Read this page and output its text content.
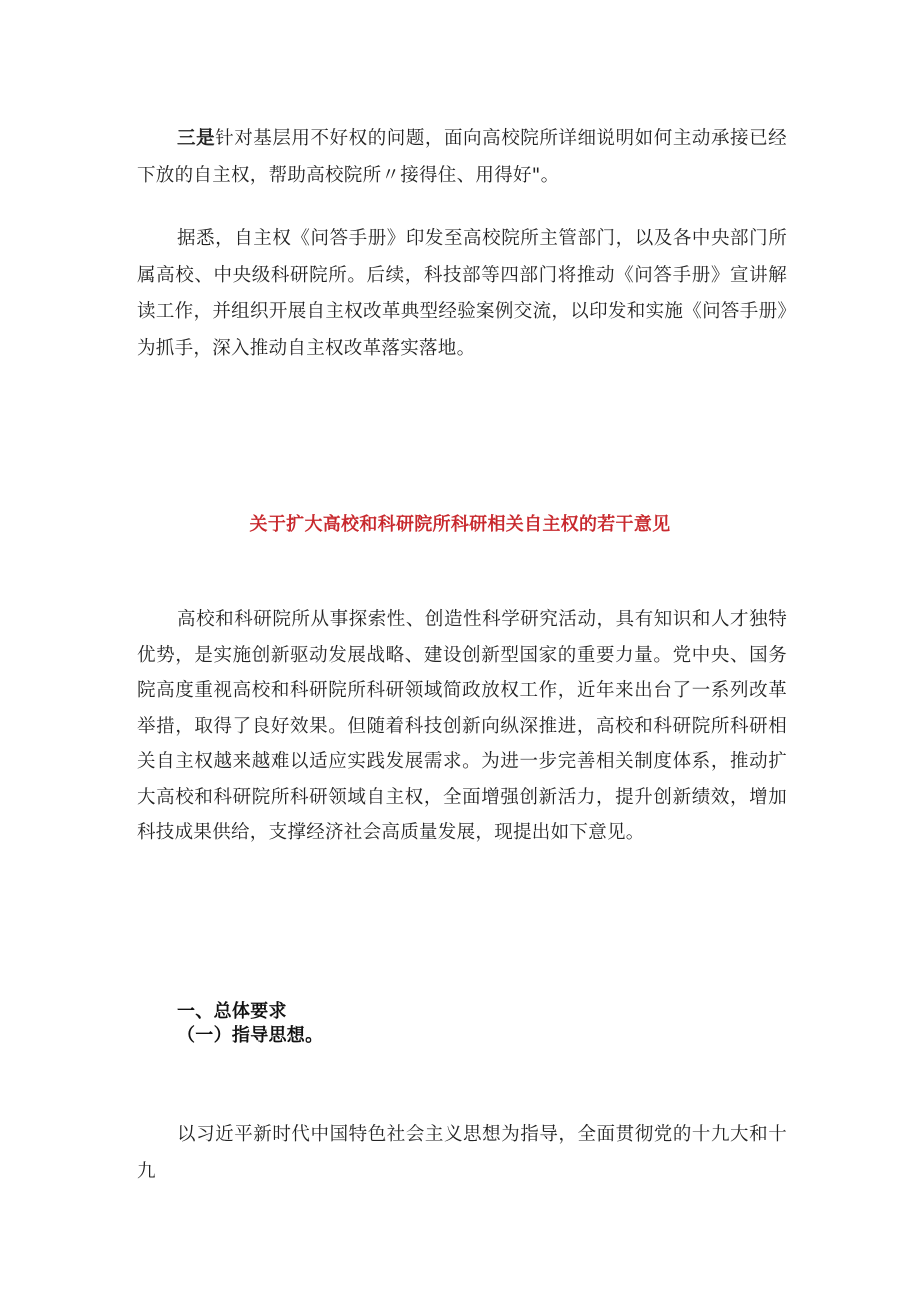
三是针对基层用不好权的问题，面向高校院所详细说明如何主动承接已经下放的自主权，帮助高校院所〃接得住、用得好"。

据悉，自主权《问答手册》印发至高校院所主管部门，以及各中央部门所属高校、中央级科研院所。后续，科技部等四部门将推动《问答手册》宣讲解读工作，并组织开展自主权改革典型经验案例交流，以印发和实施《问答手册》为抓手，深入推动自主权改革落实落地。

关于扩大高校和科研院所科研相关自主权的若干意见

高校和科研院所从事探索性、创造性科学研究活动，具有知识和人才独特优势，是实施创新驱动发展战略、建设创新型国家的重要力量。党中央、国务院高度重视高校和科研院所科研领域简政放权工作，近年来出台了一系列改革举措，取得了良好效果。但随着科技创新向纵深推进，高校和科研院所科研相关自主权越来越难以适应实践发展需求。为进一步完善相关制度体系，推动扩大高校和科研院所科研领域自主权，全面增强创新活力，提升创新绩效，增加科技成果供给，支撑经济社会高质量发展，现提出如下意见。

一、总体要求
（一）指导思想。

以习近平新时代中国特色社会主义思想为指导，全面贯彻党的十九大和十九
